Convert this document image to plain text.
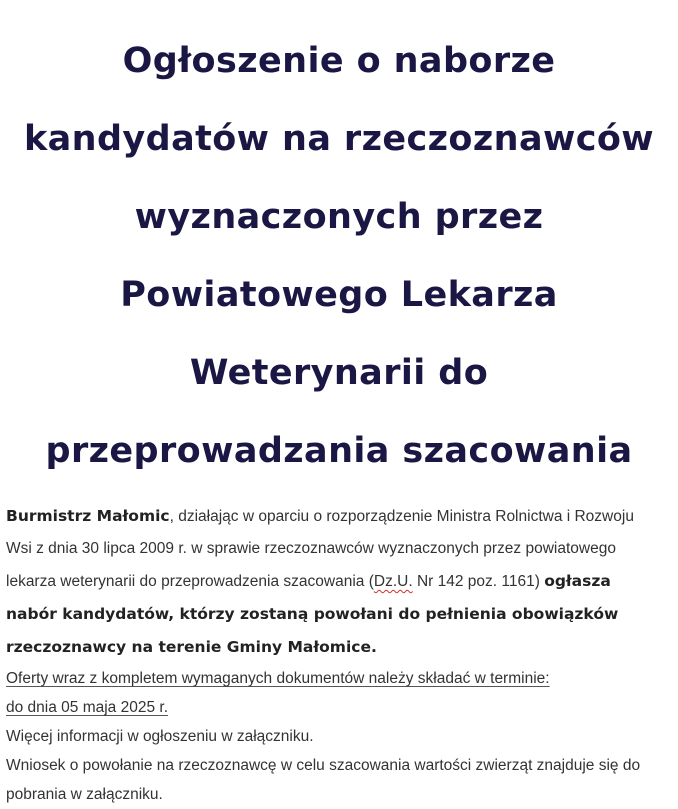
Ogłoszenie o naborze
kandydatów na rzeczoznawców
wyznaczonych przez
Powiatowego Lekarza
Weterynarii do
przeprowadzania szacowania

Burmistrz Małomic, działając w oparciu o rozporządzenie Ministra Rolnictwa i Rozwoju Wsi z dnia 30 lipca 2009 r. w sprawie rzeczoznawców wyznaczonych przez powiatowego lekarza weterynarii do przeprowadzenia szacowania (Dz.U. Nr 142 poz. 1161) ogłasza nabór kandydatów, którzy zostaną powołani do pełnienia obowiązków rzeczoznawcy na terenie Gminy Małomice.

Oferty wraz z kompletem wymaganych dokumentów należy składać w terminie:
do dnia 05 maja 2025 r.

Więcej informacji w ogłoszeniu w załączniku.

Wniosek o powołanie na rzeczoznawcę w celu szacowania wartości zwierząt znajduje się do pobrania w załączniku.
